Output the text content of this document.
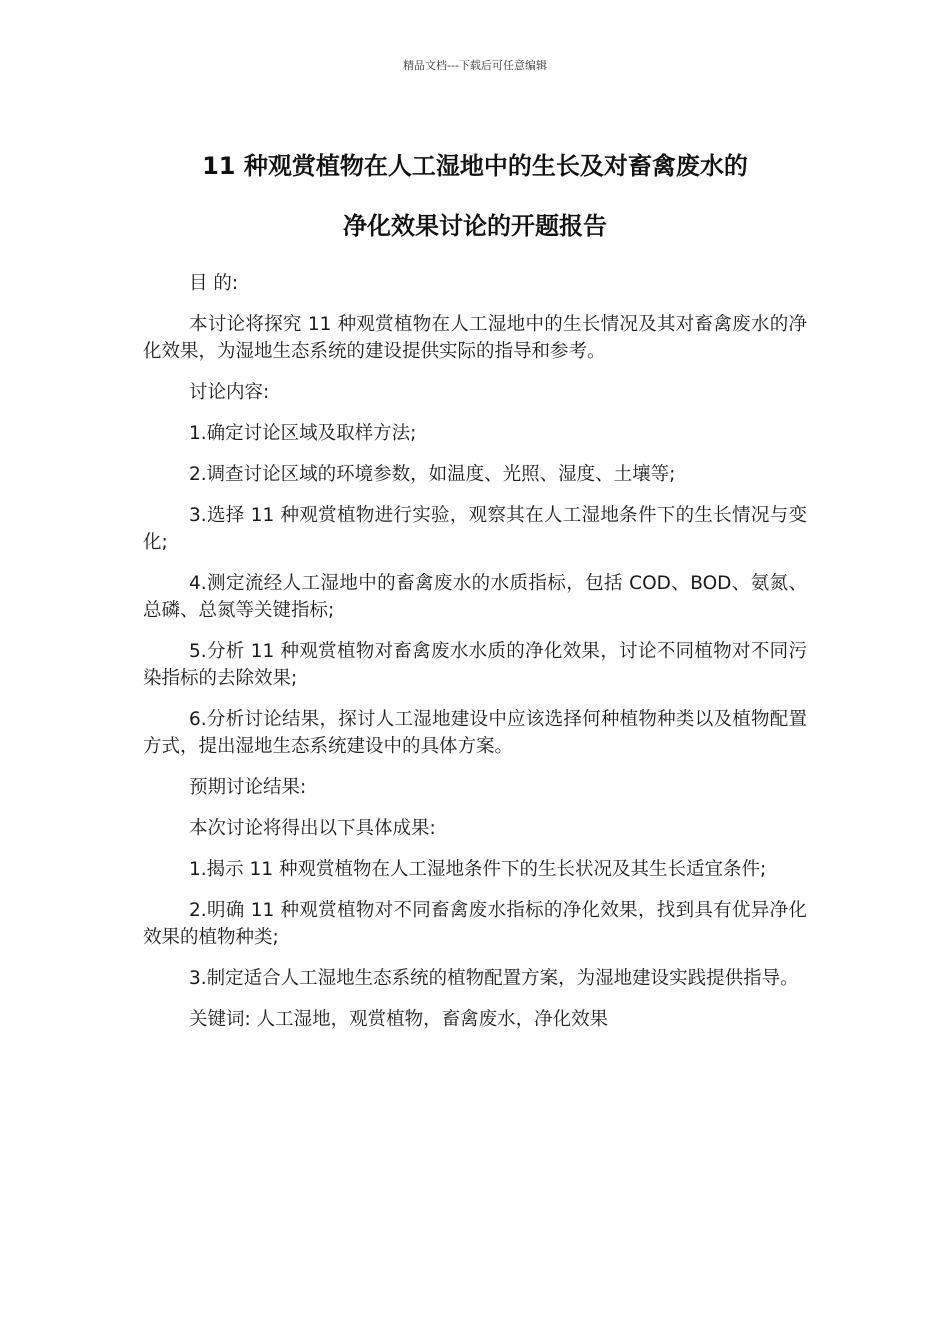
精品文档---下载后可任意编辑
11 种观赏植物在人工湿地中的生长及对畜禽废水的
净化效果讨论的开题报告

目 的:

本讨论将探究 11 种观赏植物在人工湿地中的生长情况及其对畜禽废水的净化效果，为湿地生态系统的建设提供实际的指导和参考。

讨论内容:

1.确定讨论区域及取样方法;

2.调查讨论区域的环境参数，如温度、光照、湿度、土壤等;

3.选择 11 种观赏植物进行实验，观察其在人工湿地条件下的生长情况与变化;

4.测定流经人工湿地中的畜禽废水的水质指标，包括 COD、BOD、氨氮、总磷、总氮等关键指标;

5.分析 11 种观赏植物对畜禽废水水质的净化效果，讨论不同植物对不同污染指标的去除效果;

6.分析讨论结果，探讨人工湿地建设中应该选择何种植物种类以及植物配置方式，提出湿地生态系统建设中的具体方案。

预期讨论结果:

本次讨论将得出以下具体成果:

1.揭示 11 种观赏植物在人工湿地条件下的生长状况及其生长适宜条件;

2.明确 11 种观赏植物对不同畜禽废水指标的净化效果，找到具有优异净化效果的植物种类;

3.制定适合人工湿地生态系统的植物配置方案，为湿地建设实践提供指导。

关键词: 人工湿地，观赏植物，畜禽废水，净化效果
